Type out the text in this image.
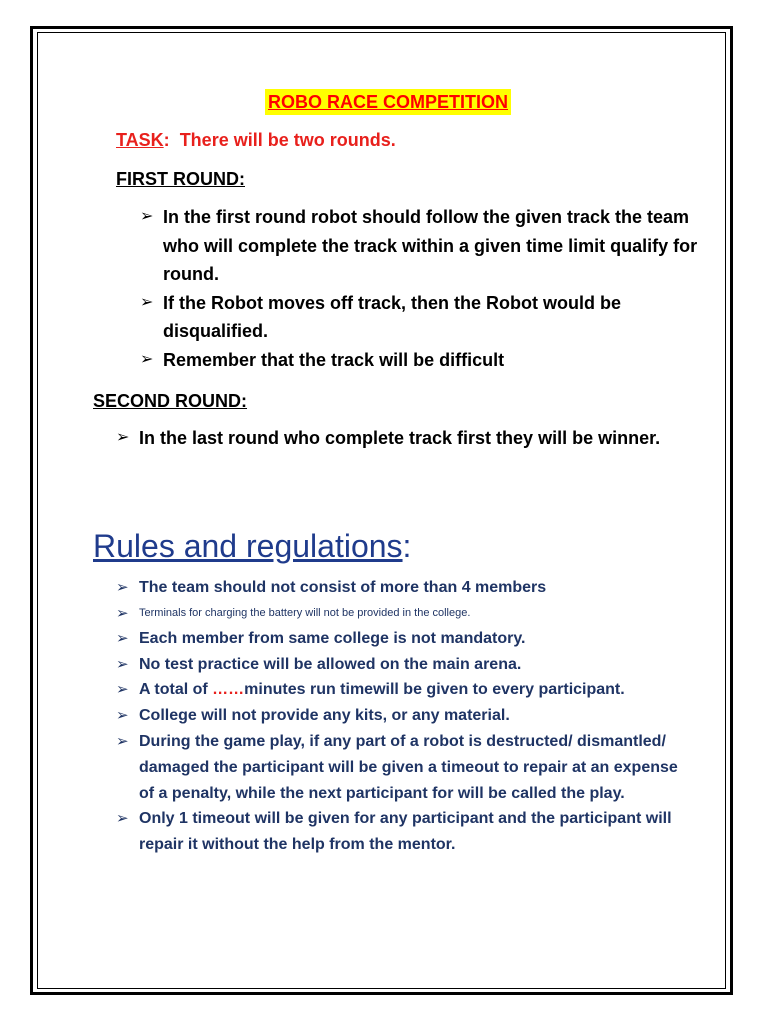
ROBO RACE COMPETITION
TASK: There will be two rounds.
FIRST ROUND:
➢ In the first round robot should follow the given track the team who will complete the track within a given time limit qualify for round.
➢ If the Robot moves off track, then the Robot would be disqualified.
➢ Remember that the track will be difficult
SECOND ROUND:
➢ In the last round who complete track first they will be winner.
Rules and regulations:
➢ The team should not consist of more than 4 members
➢ Terminals for charging the battery will not be provided in the college.
➢ Each member from same college is not mandatory.
➢ No test practice will be allowed on the main arena.
➢ A total of ……minutes run timewill be given to every participant.
➢ College will not provide any kits, or any material.
➢ During the game play, if any part of a robot is destructed/ dismantled/ damaged the participant will be given a timeout to repair at an expense of a penalty, while the next participant for will be called the play.
➢ Only 1 timeout will be given for any participant and the participant will repair it without the help from the mentor.
